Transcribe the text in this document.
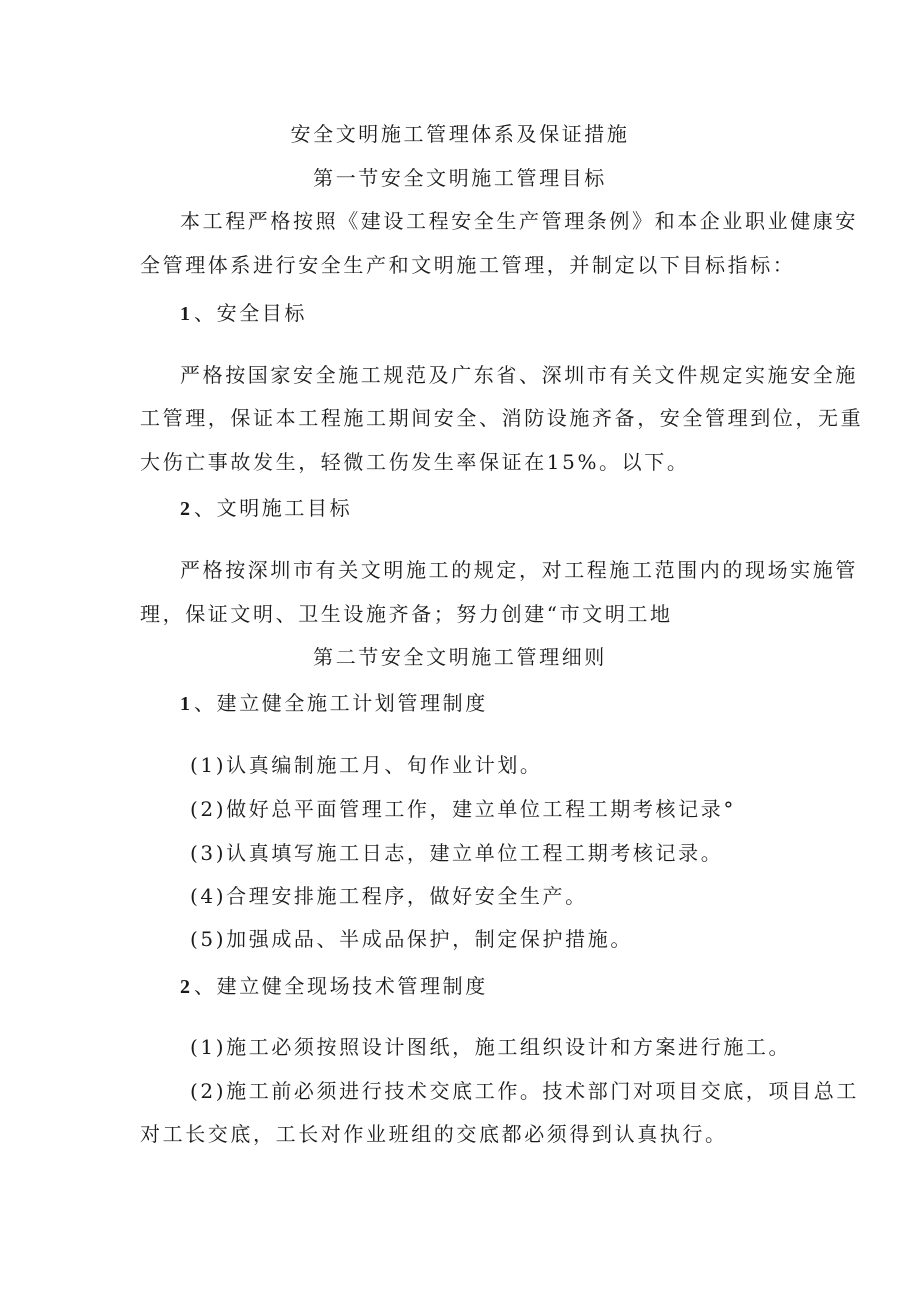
安全文明施工管理体系及保证措施
第一节安全文明施工管理目标
本工程严格按照《建设工程安全生产管理条例》和本企业职业健康安
全管理体系进行安全生产和文明施工管理，并制定以下目标指标：
1 、安全目标
严格按国家安全施工规范及广东省、深圳市有关文件规定实施安全施
工管理，保证本工程施工期间安全、消防设施齐备，安全管理到位，无重
大伤亡事故发生，轻微工伤发生率保证在15%。以下。
2 、文明施工目标
严格按深圳市有关文明施工的规定，对工程施工范围内的现场实施管
理，保证文明、卫生设施齐备；努力创建“市文明工地
第二节安全文明施工管理细则
1 、建立健全施工计划管理制度
(1)认真编制施工月、旬作业计划。
(2)做好总平面管理工作，建立单位工程工期考核记录°
(3)认真填写施工日志，建立单位工程工期考核记录。
(4)合理安排施工程序，做好安全生产。
(5)加强成品、半成品保护，制定保护措施。
2 、建立健全现场技术管理制度
(1)施工必须按照设计图纸，施工组织设计和方案进行施工。
(2)施工前必须进行技术交底工作。技术部门对项目交底，项目总工
对工长交底，工长对作业班组的交底都必须得到认真执行。
